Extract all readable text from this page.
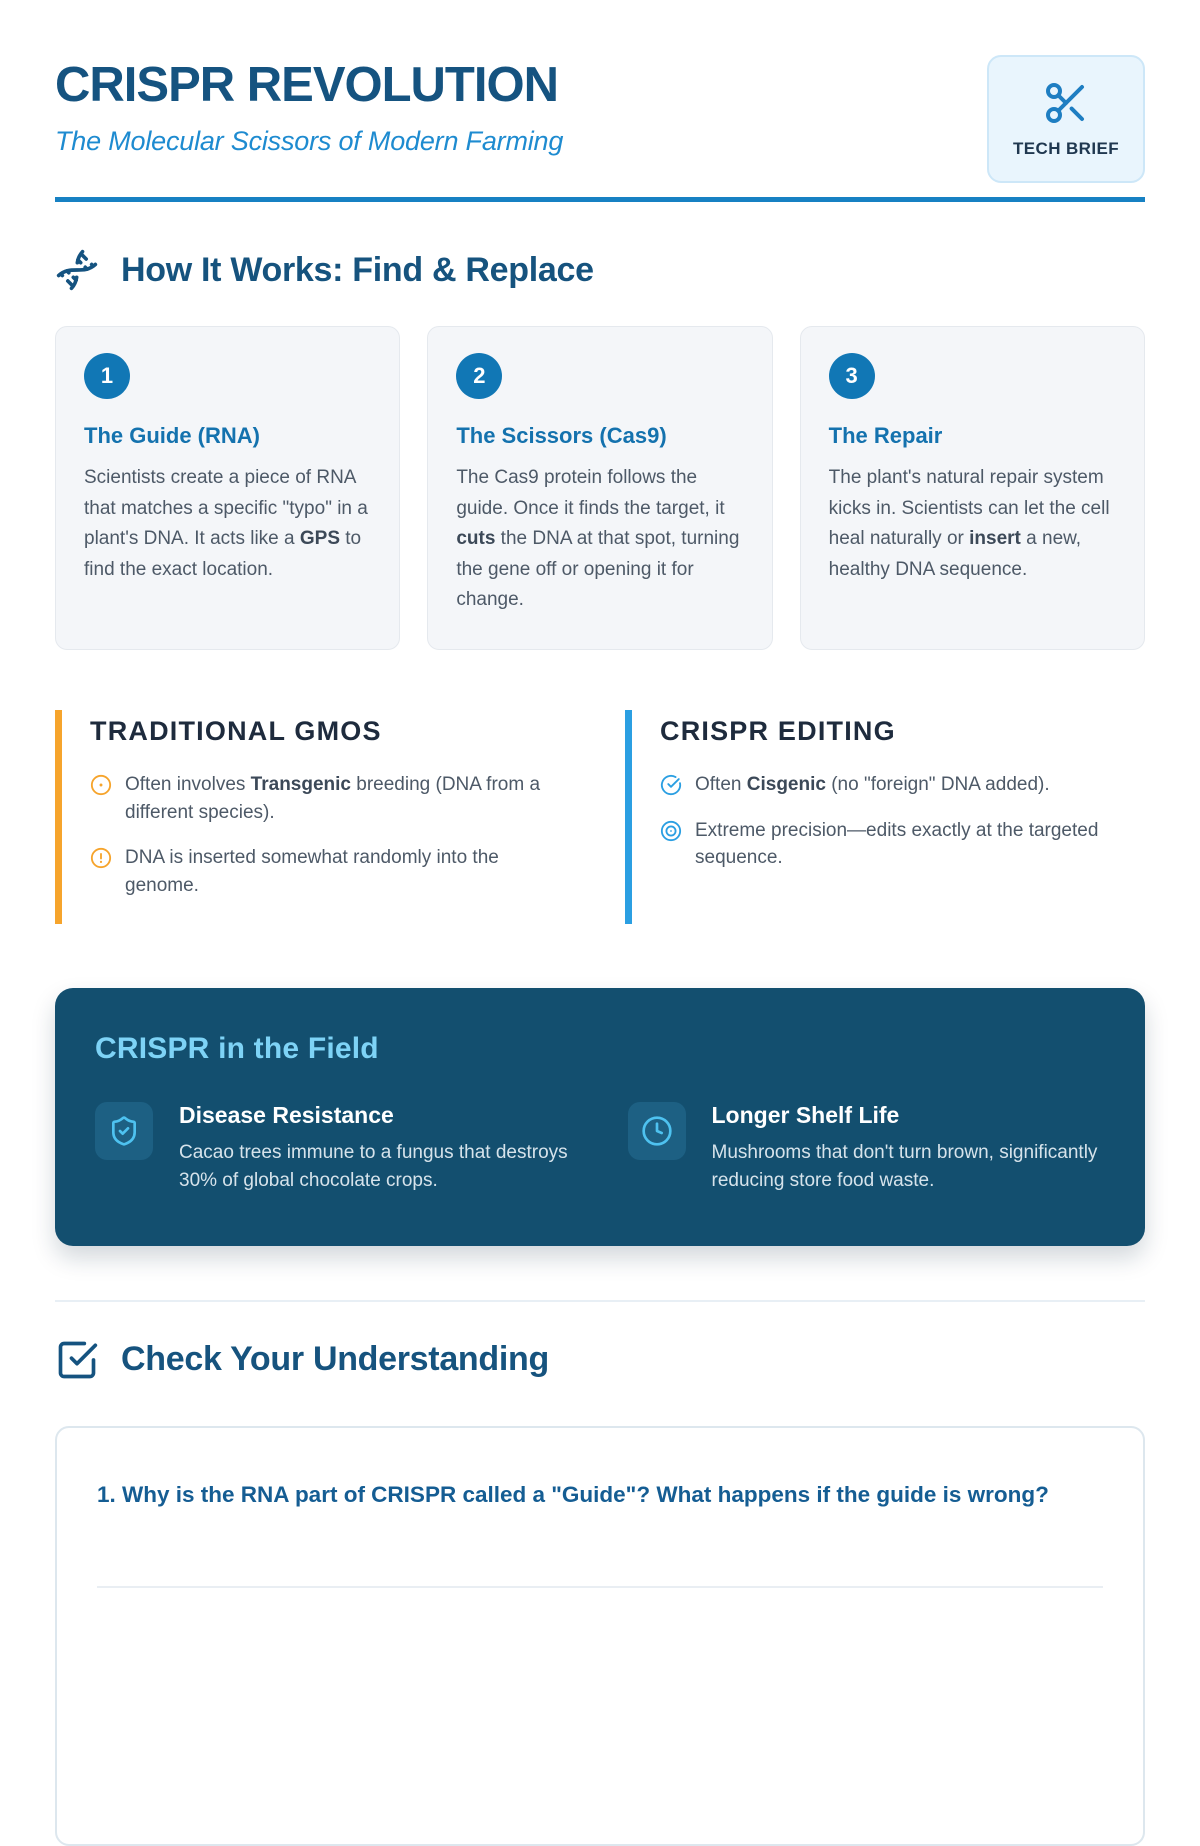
CRISPR REVOLUTION
The Molecular Scissors of Modern Farming	TECH BRIEF
How It Works: Find & Replace
1
The Guide (RNA)
Scientists create a piece of RNA that matches a specific "typo" in a plant's DNA. It acts like a GPS to find the exact location.
2
The Scissors (Cas9)
The Cas9 protein follows the guide. Once it finds the target, it cuts the DNA at that spot, turning the gene off or opening it for change.
3
The Repair
The plant's natural repair system kicks in. Scientists can let the cell heal naturally or insert a new, healthy DNA sequence.
TRADITIONAL GMOS
Often involves Transgenic breeding (DNA from a different species).
DNA is inserted somewhat randomly into the genome.
CRISPR EDITING
Often Cisgenic (no "foreign" DNA added).
Extreme precision—edits exactly at the targeted sequence.
CRISPR in the Field
Disease Resistance
Cacao trees immune to a fungus that destroys 30% of global chocolate crops.
Longer Shelf Life
Mushrooms that don't turn brown, significantly reducing store food waste.
Check Your Understanding
1. Why is the RNA part of CRISPR called a "Guide"? What happens if the guide is wrong?
